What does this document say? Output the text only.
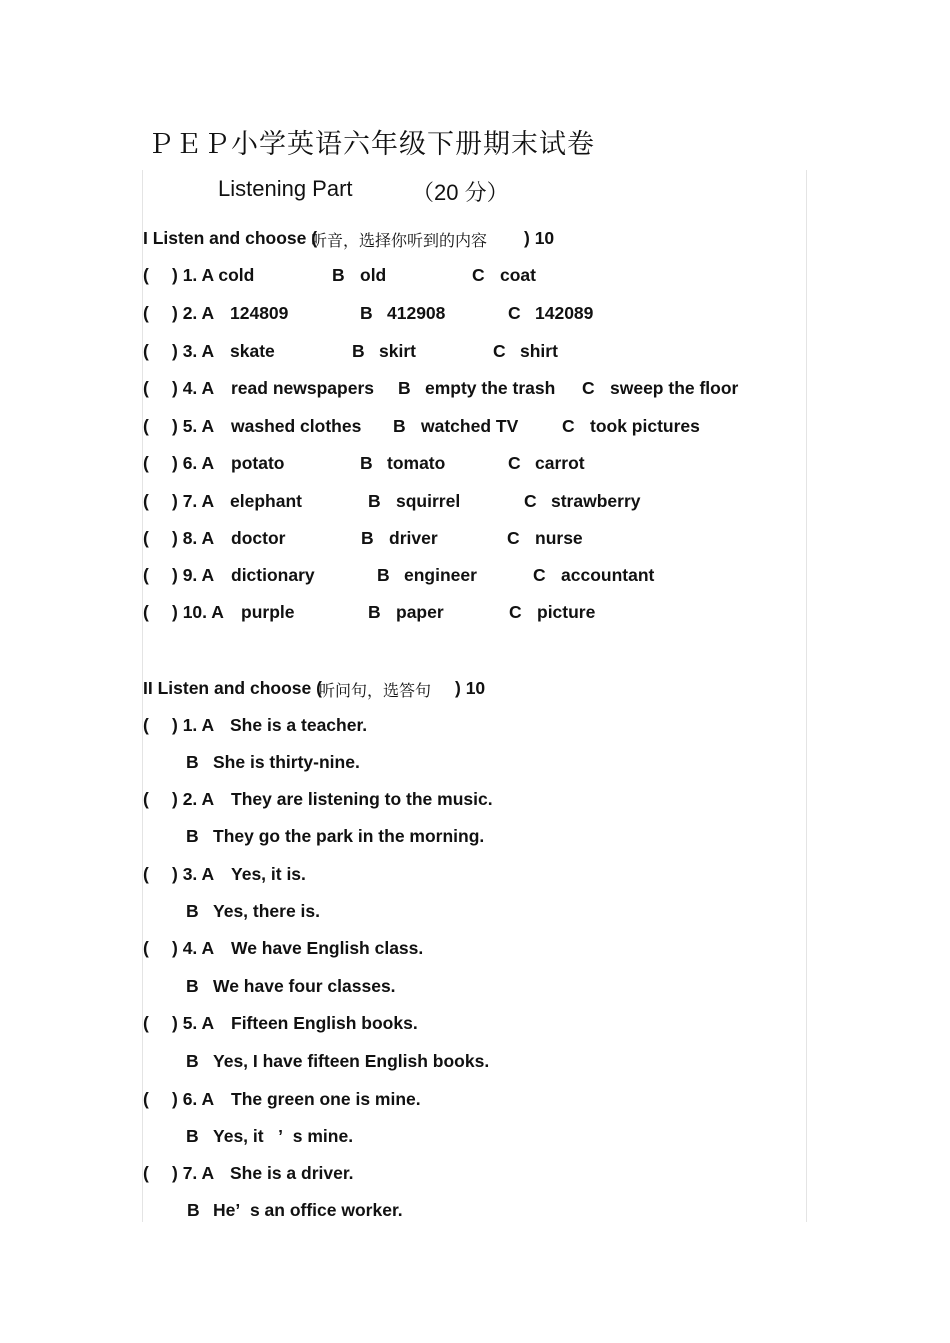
ＰＥＰ小学英语六年级下册期末试卷
Listening Part	（20 分）
I Listen and choose (
听音，选择你听到的内容 ) 10
( ) 1. A cold	B old	C coat
( ) 2. A 124809	B 412908	C 142089
( ) 3. A skate	B skirt	C shirt
( ) 4. A read newspapers B empty the trash C sweep the floor
( ) 5. A washed clothes B watched TV	C took pictures
( ) 6. A potato	B tomato	C carrot
( ) 7. A elephant	B squirrel	C strawberry
( ) 8. A doctor	B driver	C nurse
( ) 9. A dictionary	B engineer	C accountant
( ) 10. A purple	B paper	C picture
II Listen and choose (
听问句，选答句 ) 10
( ) 1. A She is a teacher.
B She is thirty-nine.
( ) 2. A They are listening to the music.
B They go the park in the morning.
( ) 3. A Yes, it is.
B Yes, there is.
( ) 4. A We have English class.
B We have four classes.
( ) 5. A Fifteen English books.
B Yes, I have fifteen English books.
( ) 6. A The green one is mine.
B Yes, it   ’  s mine.
( ) 7. A She is a driver.
B He’  s an office worker.
